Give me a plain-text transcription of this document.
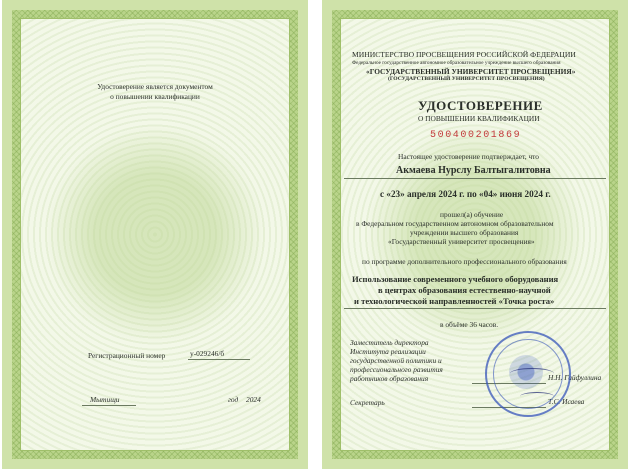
Удостоверение является документом
о повышении квалификации
Регистрационный номер	у-029246/б
Мытищи	год 2024
МИНИСТЕРСТВО ПРОСВЕЩЕНИЯ РОССИЙСКОЙ ФЕДЕРАЦИИ
Федеральное государственное автономное образовательное учреждение высшего образования
«ГОСУДАРСТВЕННЫЙ УНИВЕРСИТЕТ ПРОСВЕЩЕНИЯ»
(ГОСУДАРСТВЕННЫЙ УНИВЕРСИТЕТ ПРОСВЕЩЕНИЯ)
УДОСТОВЕРЕНИЕ
О ПОВЫШЕНИИ КВАЛИФИКАЦИИ
500400201869
Настоящее удостоверение подтверждает, что
Акмаева Нурслу Балтыгалитовна
с «23» апреля 2024 г. по «04» июня 2024 г.
прошел(а) обучение
в Федеральном государственном автономном образовательном
учреждении высшего образования
«Государственный университет просвещения»
по программе дополнительного профессионального образования
Использование современного учебного оборудования
в центрах образования естественно-научной
и технологической направленностей «Точка роста»
в объёме 36 часов.
Заместитель директора
Института реализации
государственной политики и
профессионального развития
работников образования	Н.Н. Гайфуллина
Секретарь	Т.С. Исаева
